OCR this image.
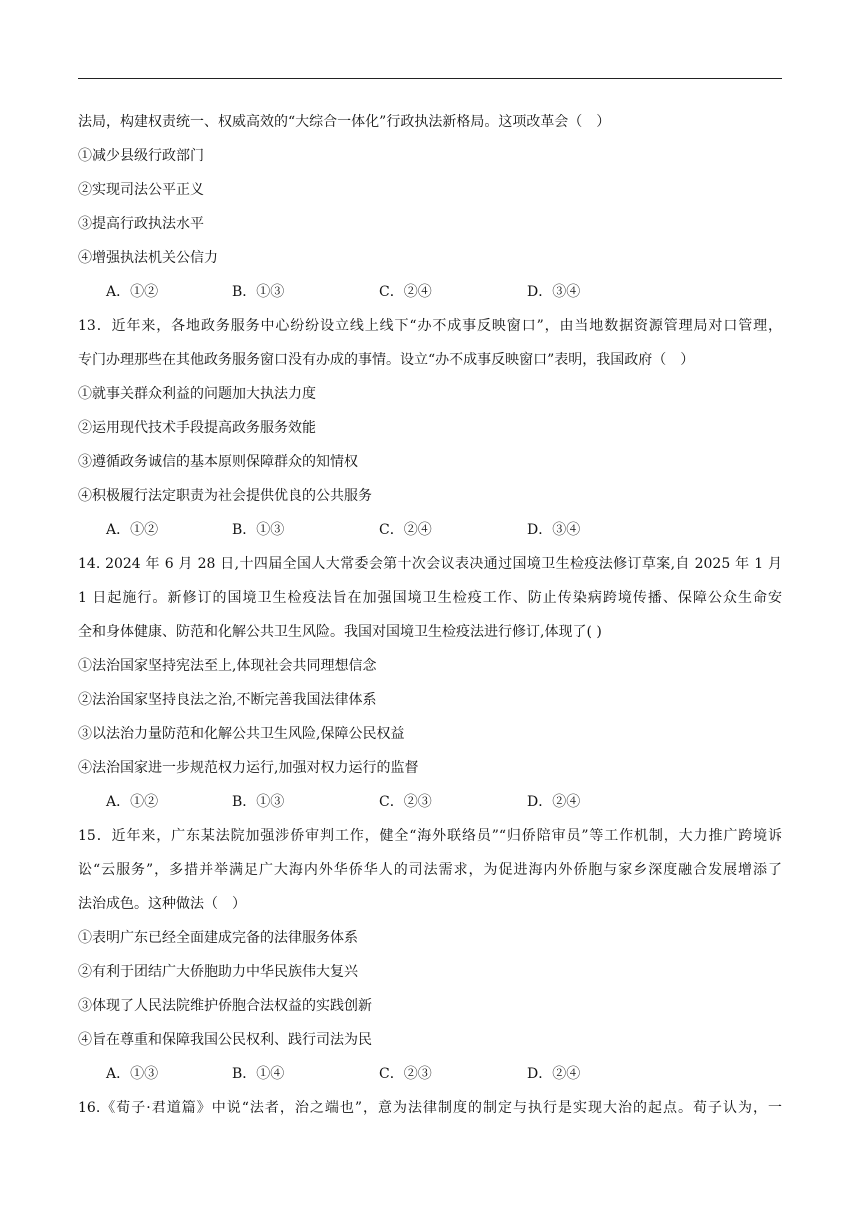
法局，构建权责统一、权威高效的“大综合一体化”行政执法新格局。这项改革会（　）
①减少县级行政部门
②实现司法公平正义
③提高行政执法水平
④增强执法机关公信力
A．①②	B．①③	C．②④	D．③④
13．近年来，各地政务服务中心纷纷设立线上线下“办不成事反映窗口”，由当地数据资源管理局对口管理，
专门办理那些在其他政务服务窗口没有办成的事情。设立“办不成事反映窗口”表明，我国政府（　）
①就事关群众利益的问题加大执法力度
②运用现代技术手段提高政务服务效能
③遵循政务诚信的基本原则保障群众的知情权
④积极履行法定职责为社会提供优良的公共服务
A．①②	B．①③	C．②④	D．③④
14. 2024 年 6 月 28 日,十四届全国人大常委会第十次会议表决通过国境卫生检疫法修订草案,自 2025 年 1 月
1 日起施行。新修订的国境卫生检疫法旨在加强国境卫生检疫工作、防止传染病跨境传播、保障公众生命安
全和身体健康、防范和化解公共卫生风险。我国对国境卫生检疫法进行修订,体现了( )
①法治国家坚持宪法至上,体现社会共同理想信念
②法治国家坚持良法之治,不断完善我国法律体系
③以法治力量防范和化解公共卫生风险,保障公民权益
④法治国家进一步规范权力运行,加强对权力运行的监督
A．①②	B．①③	C．②③	D．②④
15．近年来，广东某法院加强涉侨审判工作，健全“海外联络员”“归侨陪审员”等工作机制，大力推广跨境诉
讼“云服务”，多措并举满足广大海内外华侨华人的司法需求，为促进海内外侨胞与家乡深度融合发展增添了
法治成色。这种做法（　）
①表明广东已经全面建成完备的法律服务体系
②有利于团结广大侨胞助力中华民族伟大复兴
③体现了人民法院维护侨胞合法权益的实践创新
④旨在尊重和保障我国公民权利、践行司法为民
A．①③	B．①④	C．②③	D．②④
16.《荀子·君道篇》中说“法者，治之端也”，意为法律制度的制定与执行是实现大治的起点。荀子认为，一
